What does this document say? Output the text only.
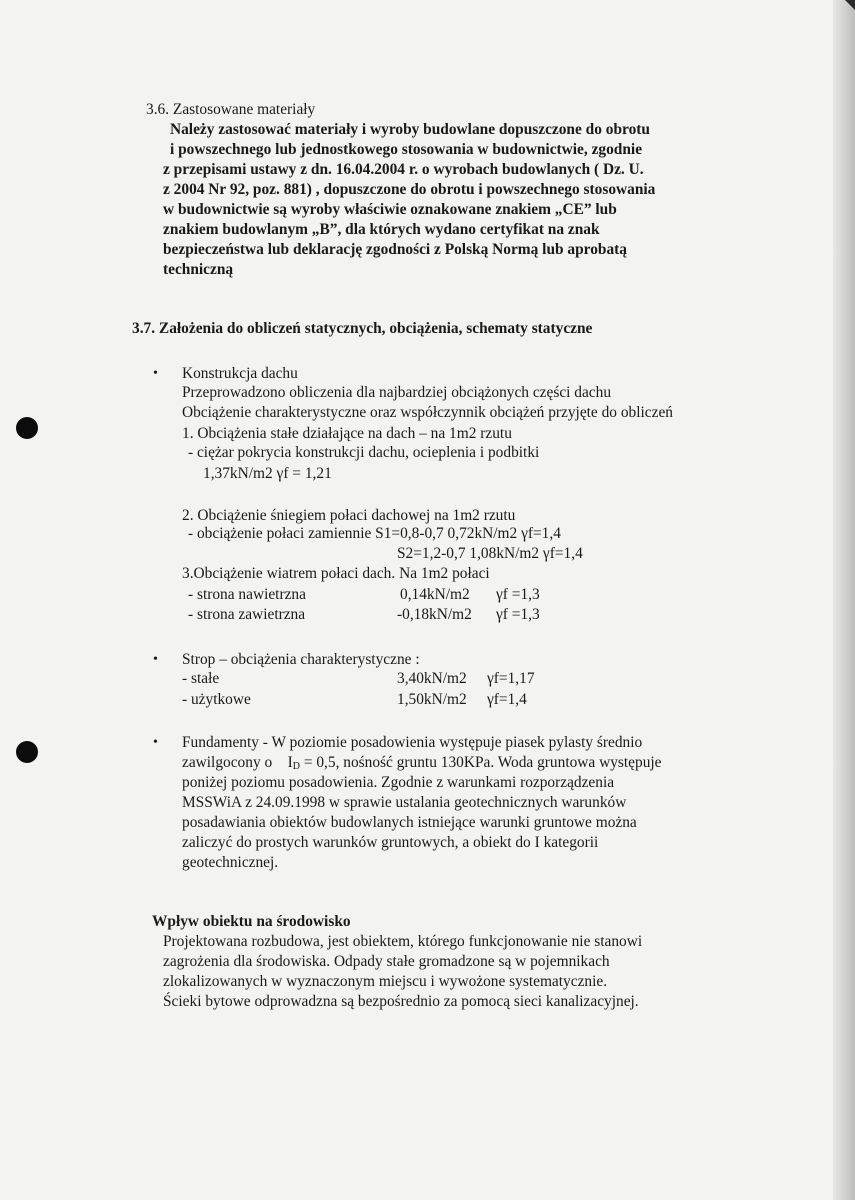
3.6. Zastosowane materiały
Należy zastosować materiały i wyroby budowlane dopuszczone do obrotu
i powszechnego lub jednostkowego stosowania w budownictwie, zgodnie
z przepisami ustawy z dn. 16.04.2004 r. o wyrobach budowlanych ( Dz. U.
z 2004 Nr 92, poz. 881) , dopuszczone do obrotu i powszechnego stosowania
w budownictwie są wyroby właściwie oznakowane znakiem „CE” lub
znakiem budowlanym „B”, dla których wydano certyfikat na znak
bezpieczeństwa lub deklarację zgodności z Polską Normą lub aprobatą
techniczną
3.7. Założenia do obliczeń statycznych, obciążenia, schematy statyczne
• Konstrukcja dachu
Przeprowadzono obliczenia dla najbardziej obciążonych części dachu
Obciążenie charakterystyczne oraz współczynnik obciążeń przyjęte do obliczeń
1. Obciążenia stałe działające na dach – na 1m2 rzutu
- ciężar pokrycia konstrukcji dachu, ocieplenia i podbitki
1,37kN/m2 γf = 1,21
2. Obciążenie śniegiem połaci dachowej na 1m2 rzutu
- obciążenie połaci zamiennie S1=0,8-0,7 0,72kN/m2 γf=1,4
S2=1,2-0,7 1,08kN/m2 γf=1,4
3.Obciążenie wiatrem połaci dach. Na 1m2 połaci
- strona nawietrzna	0,14kN/m2 γf =1,3
- strona zawietrzna	-0,18kN/m2 γf =1,3
• Strop – obciążenia charakterystyczne :
- stałe	3,40kN/m2 γf=1,17
- użytkowe	1,50kN/m2 γf=1,4
• Fundamenty - W poziomie posadowienia występuje piasek pylasty średnio
zawilgocony o $I_D = 0,5$, nośność gruntu 130KPa. Woda gruntowa występuje
poniżej poziomu posadowienia. Zgodnie z warunkami rozporządzenia
MSSWiA z 24.09.1998 w sprawie ustalania geotechnicznych warunków
posadawiania obiektów budowlanych istniejące warunki gruntowe można
zaliczyć do prostych warunków gruntowych, a obiekt do I kategorii
geotechnicznej.
Wpływ obiektu na środowisko
Projektowana rozbudowa, jest obiektem, którego funkcjonowanie nie stanowi
zagrożenia dla środowiska. Odpady stałe gromadzone są w pojemnikach
zlokalizowanych w wyznaczonym miejscu i wywożone systematycznie.
Ścieki bytowe odprowadzna są bezpośrednio za pomocą sieci kanalizacyjnej.
